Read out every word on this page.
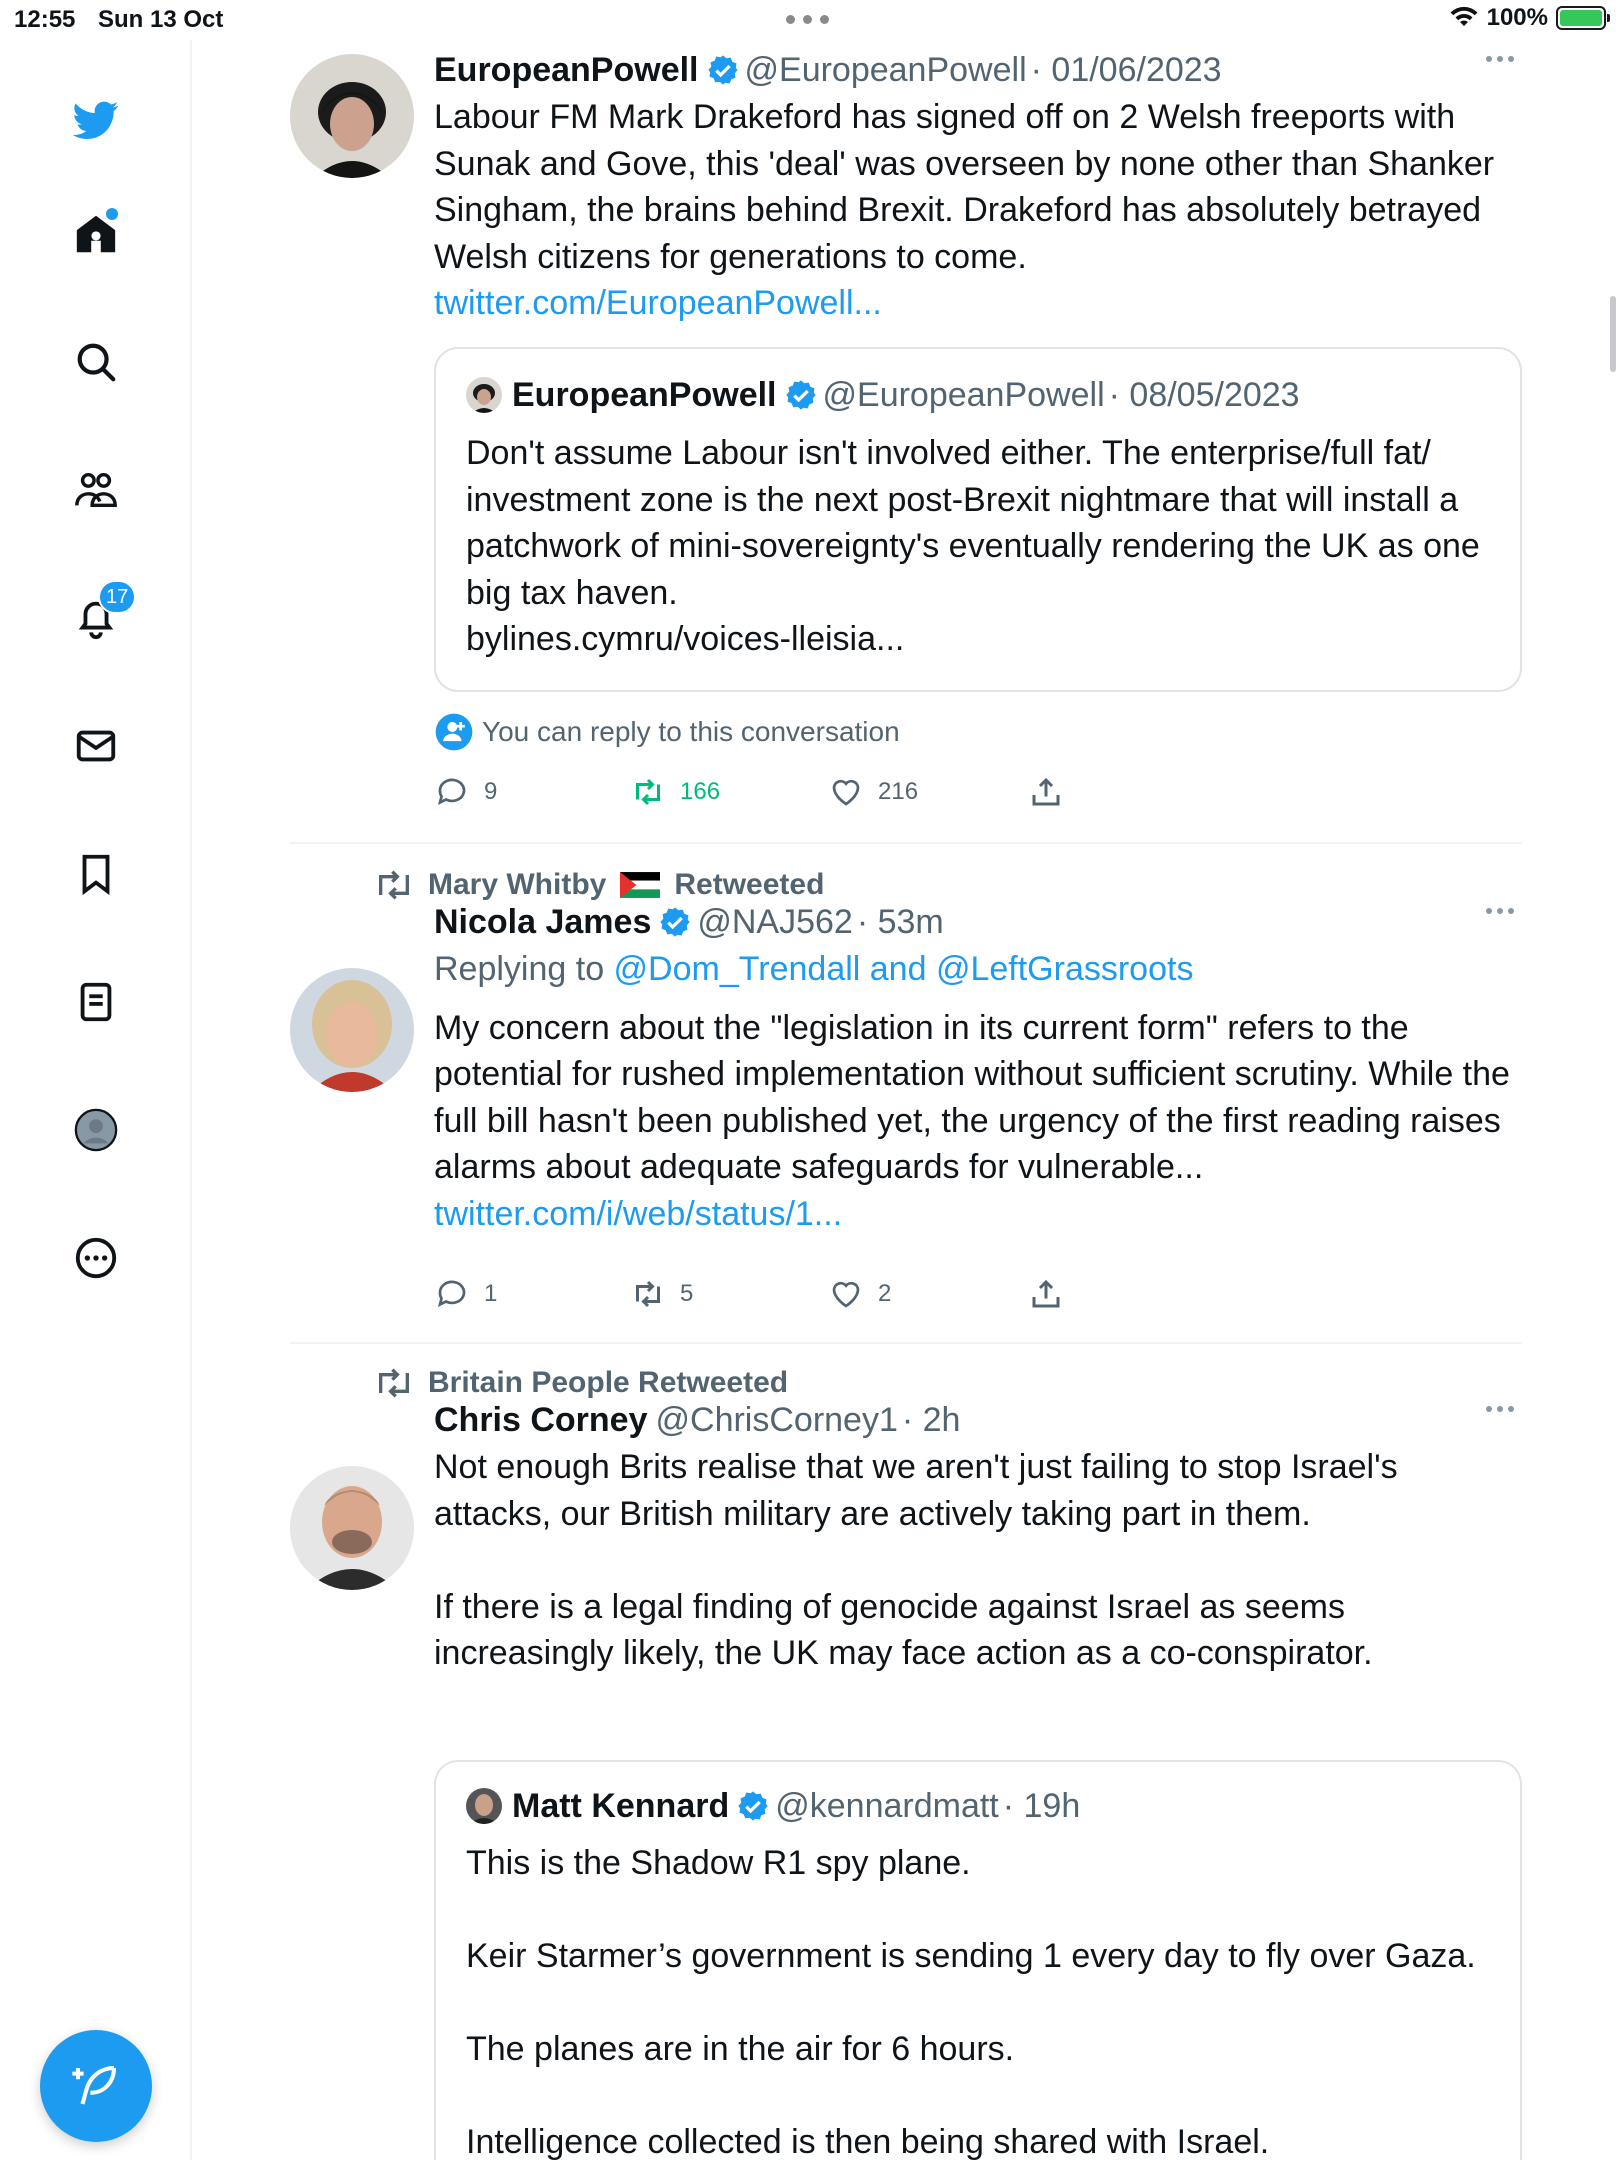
12:55 Sun 13 Oct	100%
17
EuropeanPowell @EuropeanPowell · 01/06/2023
Labour FM Mark Drakeford has signed off on 2 Welsh freeports with Sunak and Gove, this 'deal' was overseen by none other than Shanker Singham, the brains behind Brexit. Drakeford has absolutely betrayed Welsh citizens for generations to come.
twitter.com/EuropeanPowell...
EuropeanPowell @EuropeanPowell · 08/05/2023
Don't assume Labour isn't involved either. The enterprise/full fat/ investment zone is the next post-Brexit nightmare that will install a patchwork of mini-sovereignty's eventually rendering the UK as one big tax haven.
bylines.cymru/voices-lleisia...
You can reply to this conversation
9	166	216
Mary Whitby Retweeted
Nicola James @NAJ562 · 53m
Replying to @Dom_Trendall and @LeftGrassroots
My concern about the "legislation in its current form" refers to the potential for rushed implementation without sufficient scrutiny. While the full bill hasn't been published yet, the urgency of the first reading raises alarms about adequate safeguards for vulnerable... twitter.com/i/web/status/1...
1	5	2
Britain People Retweeted
Chris Corney @ChrisCorney1 · 2h
Not enough Brits realise that we aren't just failing to stop Israel's attacks, our British military are actively taking part in them.

If there is a legal finding of genocide against Israel as seems increasingly likely, the UK may face action as a co-conspirator.
Matt Kennard @kennardmatt · 19h
This is the Shadow R1 spy plane.

Keir Starmer’s government is sending 1 every day to fly over Gaza.

The planes are in the air for 6 hours.

Intelligence collected is then being shared with Israel.
